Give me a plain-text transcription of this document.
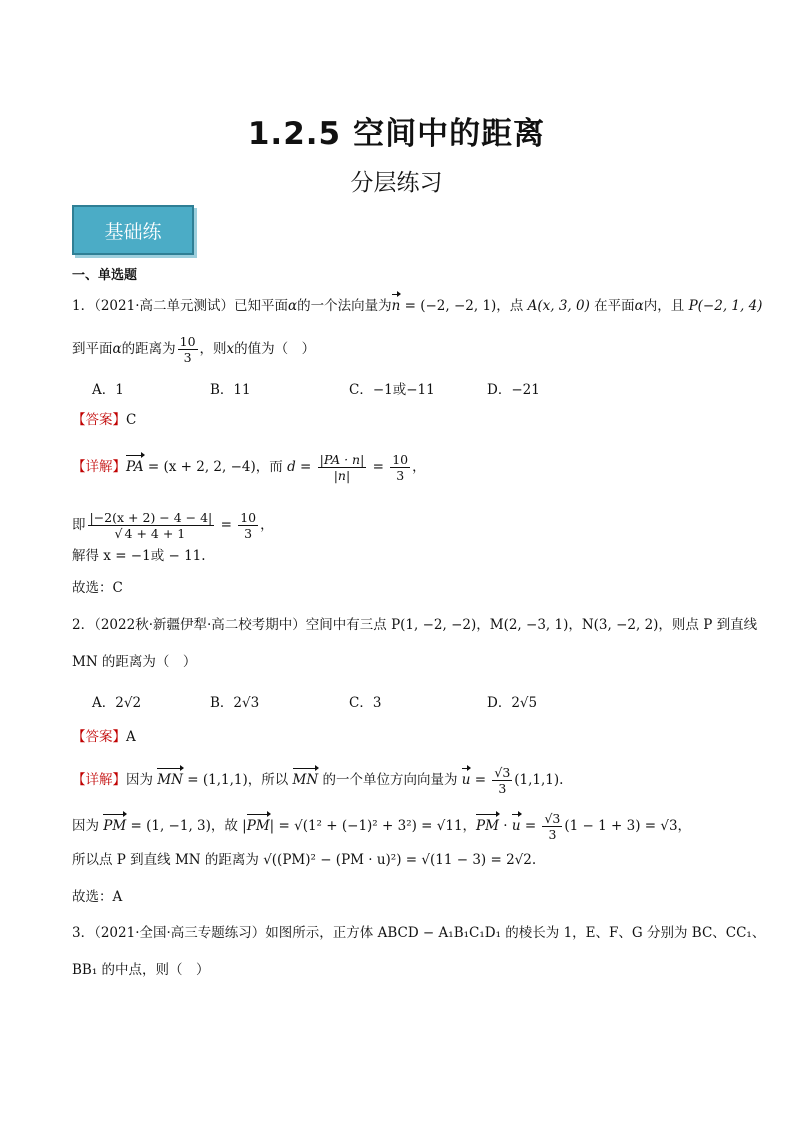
1.2.5 空间中的距离
分层练习
基础练
一、单选题
1．（2021·高二单元测试）已知平面α的一个法向量为n = (−2, −2, 1)，点 A(x, 3, 0) 在平面α内，且 P(−2, 1, 4)
到平面α的距离为 $\frac{10}{3}$ ，则x的值为（　）
A．1	B．11	C．−1或−11	D．−21
【答案】C
【详解】PA = (x + 2, 2, −4)，而 $d = \frac{|PA \cdot n|}{|n|} = \frac{10}{3}$ ，
即 $\frac{|-2(x + 2) - 4 - 4|}{√ 4 + 4 + 1} = \frac{10}{3}$ ，
解得 x = −1或 − 11.
故选：C
2．（2022秋·新疆伊犁·高二校考期中）空间中有三点 P(1, −2, −2)，M(2, −3, 1)，N(3, −2, 2)，则点 P 到直线
MN 的距离为（　）
A．2√2	B．2√3	C．3	D．2√5
【答案】A
【详解】因为 MN = (1,1,1)，所以 MN 的一个单位方向向量为 $u = \frac{√3}{3} (1,1,1)$.
因为 PM = (1, −1, 3)，故 |PM| = √(1² + (−1)² + 3²) = √11，PM · $u = \frac{√3}{3} (1 - 1 + 3) = √3$，
所以点 P 到直线 MN 的距离为 √((PM)² − (PM · u)²) = √(11 − 3) = 2√2.
故选：A
3．（2021·全国·高三专题练习）如图所示，正方体 ABCD − A₁B₁C₁D₁ 的棱长为 1，E、F、G 分别为 BC、CC₁、
BB₁ 的中点，则（　）
